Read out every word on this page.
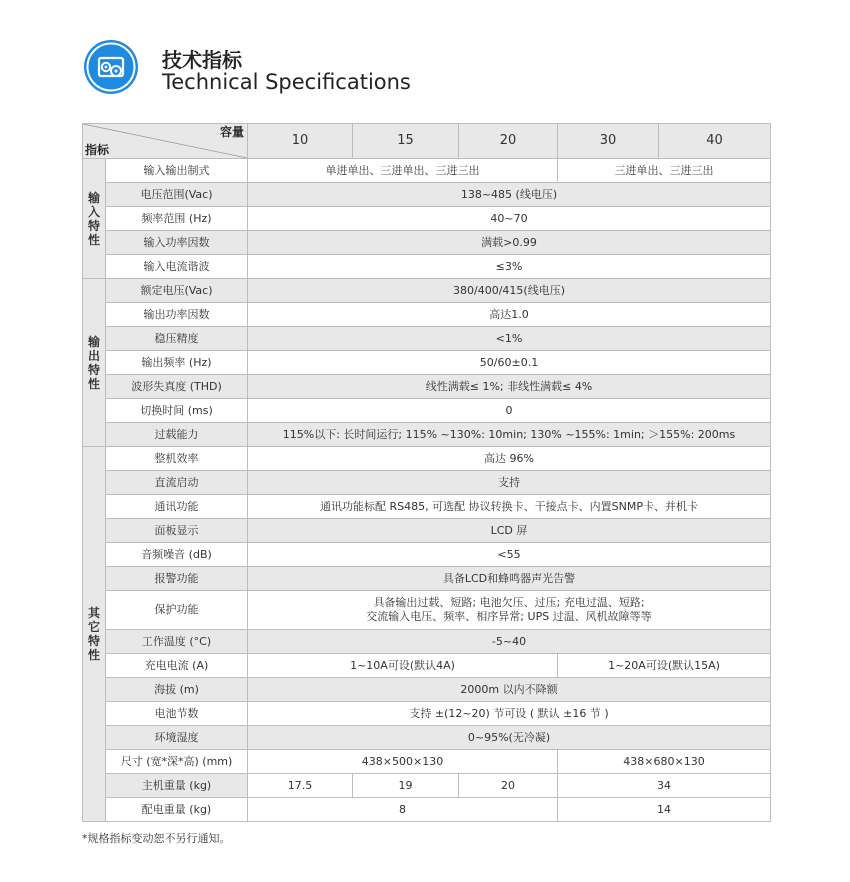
技术指标
Technical Specifications
容量
指标		10	15	20	30	40

输
入
特
性	输入输出制式	单进单出、三进单出、三进三出			三进单出、三进三出	
	电压范围(Vac)	138~485 (线电压)				
	频率范围 (Hz)	40~70				
	输入功率因数	满载>0.99				
	输入电流谐波	≤3%				

输
出
特
性	额定电压(Vac)	380/400/415(线电压)				
	输出功率因数	高达1.0				
	稳压精度	<1%				
	输出频率 (Hz)	50/60±0.1				
	波形失真度 (THD)	线性满载≤ 1%; 非线性满载≤ 4%				
	切换时间 (ms)	0				
	过载能力	115%以下: 长时间运行; 115% ~130%: 10min; 130% ~155%: 1min; ＞155%: 200ms				

其
它
特
性	整机效率	高达 96%				
	直流启动	支持				
	通讯功能	通讯功能标配 RS485, 可选配 协议转换卡、干接点卡、内置SNMP卡、并机卡				
	面板显示	LCD 屏				
	音频噪音 (dB)	<55				
	报警功能	具备LCD和蜂鸣器声光告警				
	保护功能	具备输出过载、短路; 电池欠压、过压; 充电过温、短路;
交流输入电压、频率、相序异常; UPS 过温、风机故障等等				

	工作温度 (°C)	-5~40				
	充电电流 (A)	1~10A可设(默认4A)			1~20A可设(默认15A)	
	海拔 (m)	2000m 以内不降额				
	电池节数	支持 ±(12~20) 节可设 ( 默认 ±16 节 )				
	环境湿度	0~95%(无冷凝)				
	尺寸 (宽*深*高) (mm)	438×500×130			438×680×130	
	主机重量 (kg)	17.5	19	20	34	
	配电重量 (kg)	8			14	
*规格指标变动恕不另行通知。
